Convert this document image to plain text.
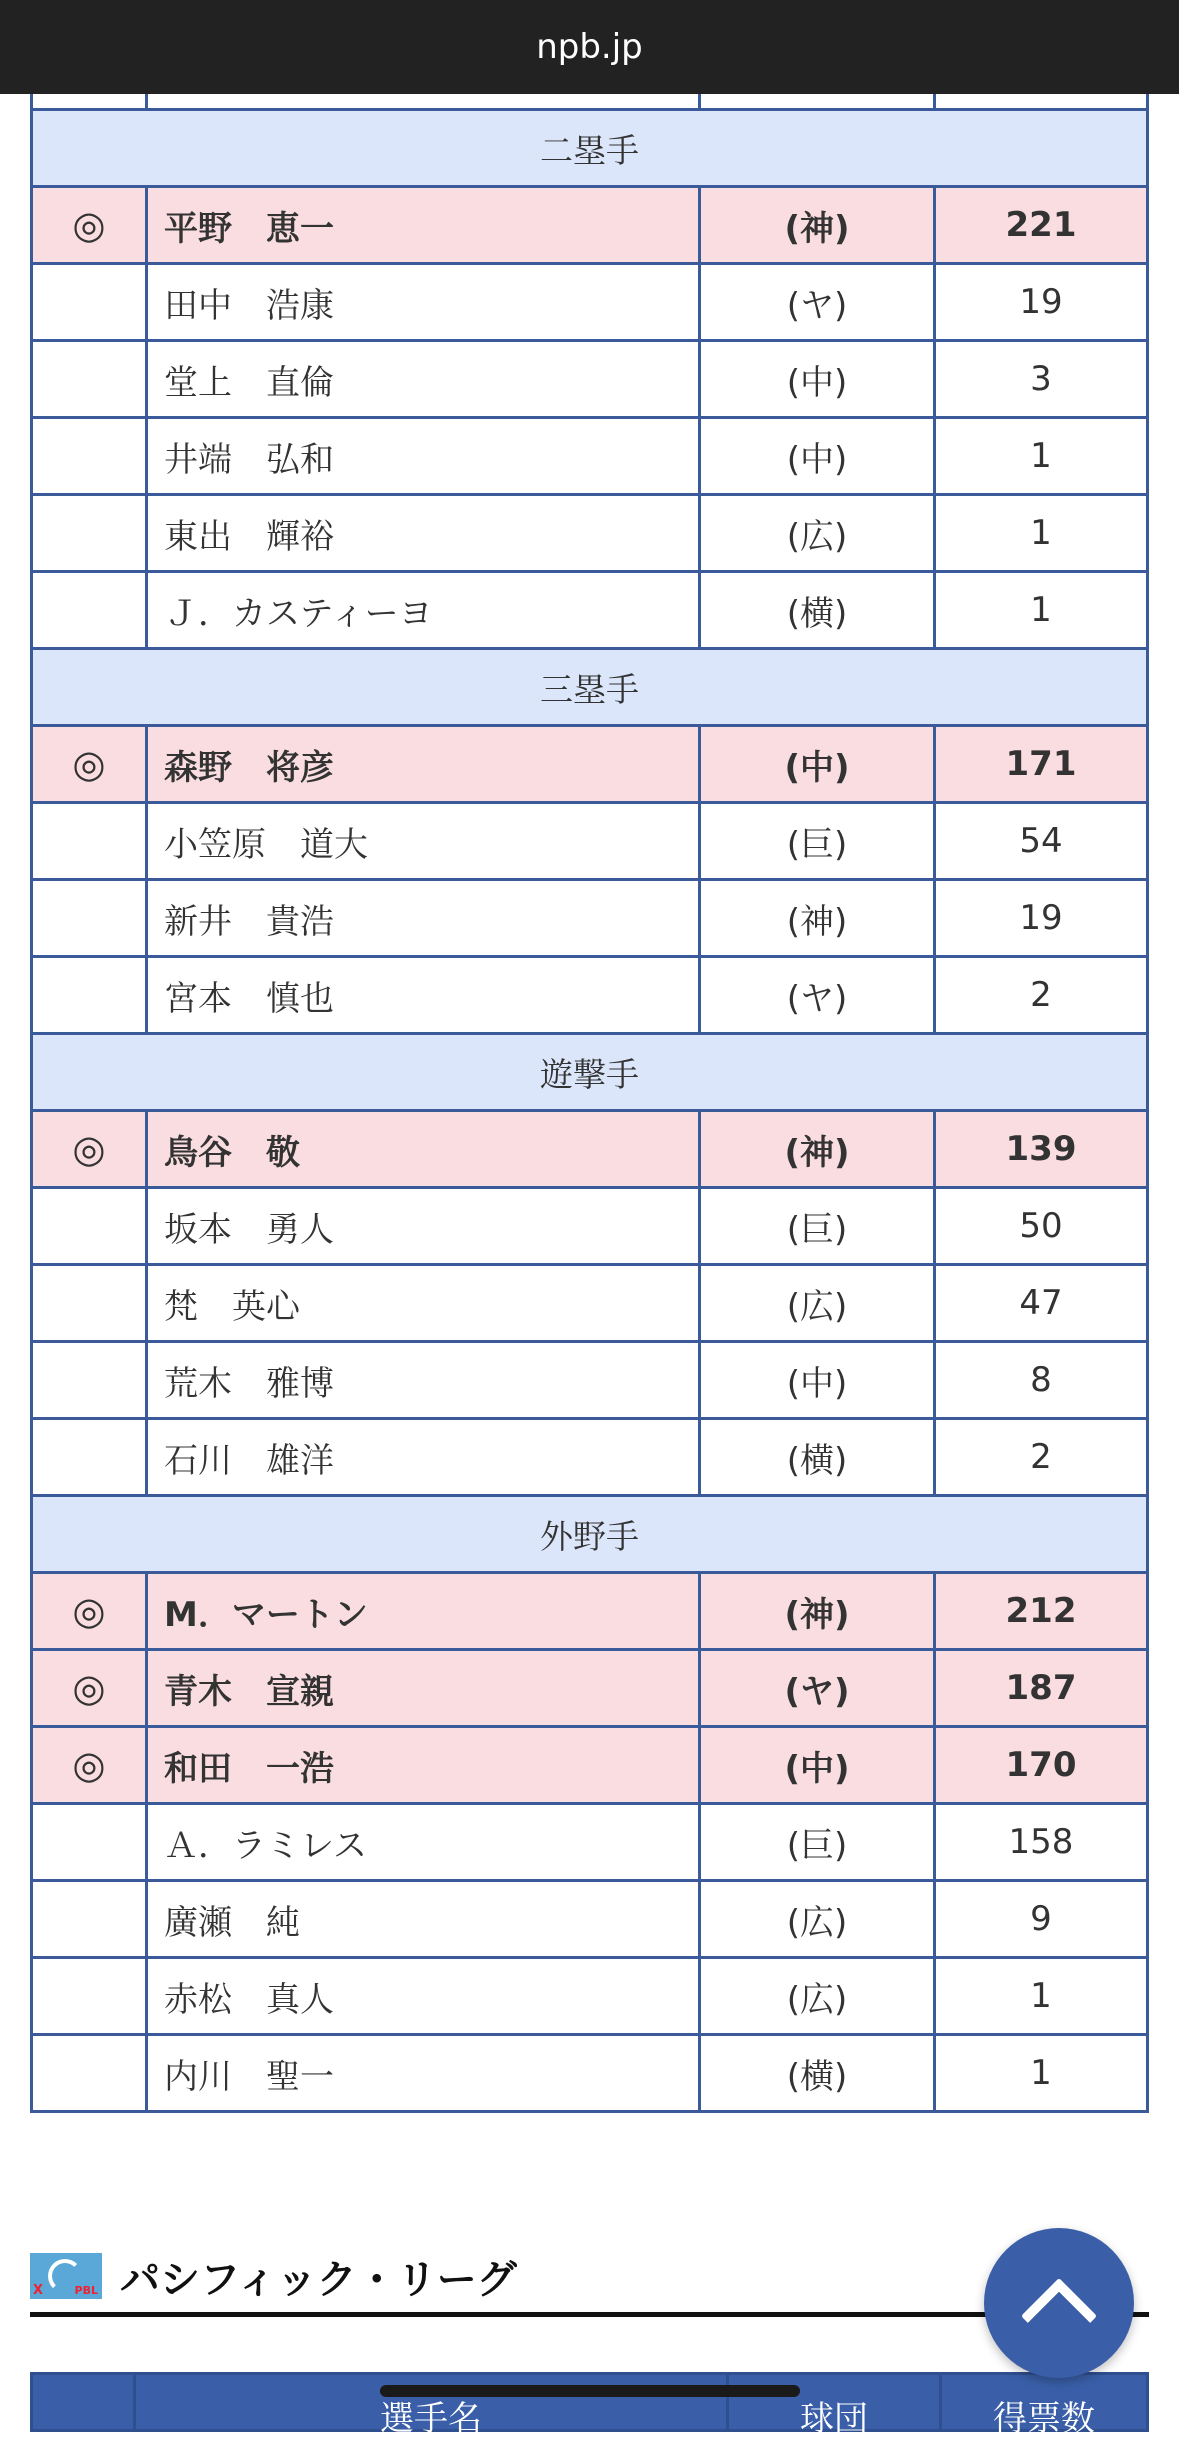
npb.jp

二塁手			
◎	平野　恵一	(神)	221
	田中　浩康	(ヤ)	19
	堂上　直倫	(中)	3
	井端　弘和	(中)	1
	東出　輝裕	(広)	1
	Ｊ．カスティーヨ	(横)	1
三塁手			
◎	森野　将彦	(中)	171
	小笠原　道大	(巨)	54
	新井　貴浩	(神)	19
	宮本　慎也	(ヤ)	2
遊撃手			
◎	鳥谷　敬	(神)	139
	坂本　勇人	(巨)	50
	梵　英心	(広)	47
	荒木　雅博	(中)	8
	石川　雄洋	(横)	2
外野手			
◎	M．マートン	(神)	212
◎	青木　宣親	(ヤ)	187
◎	和田　一浩	(中)	170
	Ａ．ラミレス	(巨)	158
	廣瀬　純	(広)	9
	赤松　真人	(広)	1
	内川　聖一	(横)	1
X	PBL パシフィック・リーグ
選手名	球団	得票数
